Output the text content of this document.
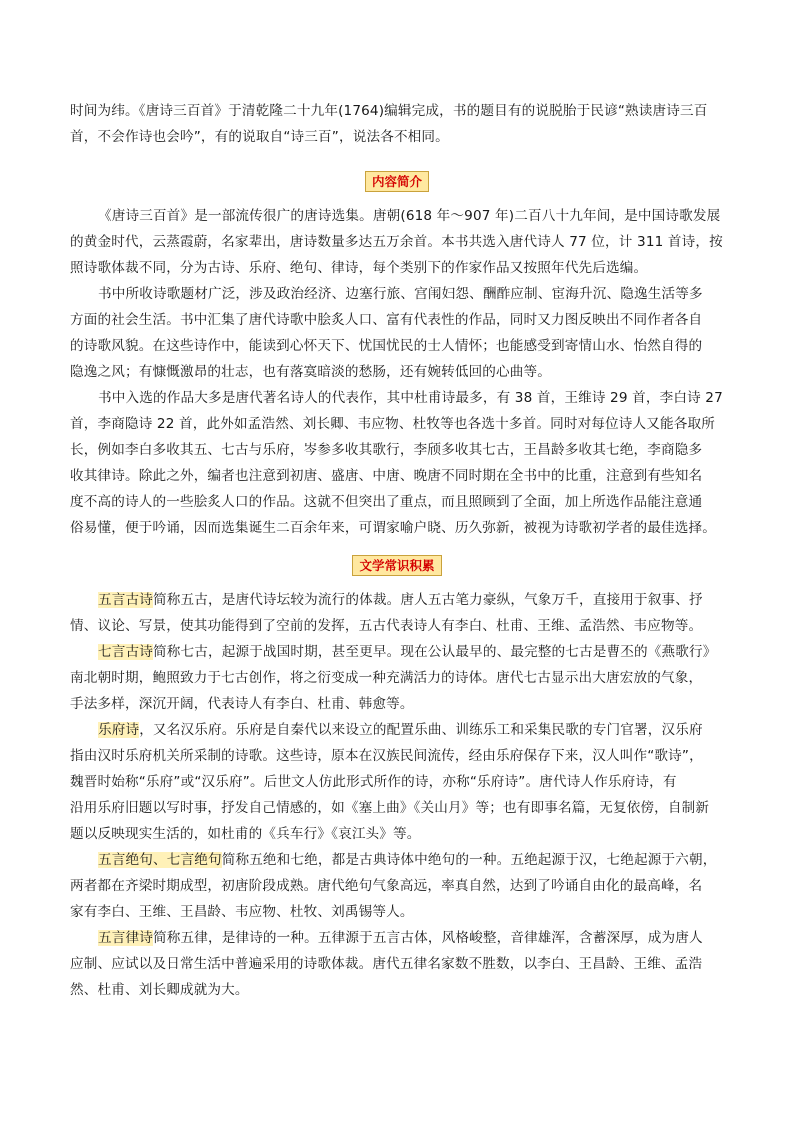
时间为纬。《唐诗三百首》于清乾隆二十九年(1764)编辑完成，书的题目有的说脱胎于民谚“熟读唐诗三百
首，不会作诗也会吟”，有的说取自“诗三百”，说法各不相同。

内容简介

《唐诗三百首》是一部流传很广的唐诗选集。唐朝(618 年～907 年)二百八十九年间，是中国诗歌发展
的黄金时代，云蒸霞蔚，名家辈出，唐诗数量多达五万余首。本书共选入唐代诗人 77 位，计 311 首诗，按
照诗歌体裁不同，分为古诗、乐府、绝句、律诗，每个类别下的作家作品又按照年代先后选编。

书中所收诗歌题材广泛，涉及政治经济、边塞行旅、宫闱妇怨、酬酢应制、宦海升沉、隐逸生活等多
方面的社会生活。书中汇集了唐代诗歌中脍炙人口、富有代表性的作品，同时又力图反映出不同作者各自
的诗歌风貌。在这些诗作中，能读到心怀天下、忧国忧民的士人情怀；也能感受到寄情山水、怡然自得的
隐逸之风；有慷慨激昂的壮志，也有落寞暗淡的愁肠，还有婉转低回的心曲等。

书中入选的作品大多是唐代著名诗人的代表作，其中杜甫诗最多，有 38 首，王维诗 29 首，李白诗 27
首，李商隐诗 22 首，此外如孟浩然、刘长卿、韦应物、杜牧等也各选十多首。同时对每位诗人又能各取所
长，例如李白多收其五、七古与乐府，岑参多收其歌行，李颀多收其七古，王昌龄多收其七绝，李商隐多
收其律诗。除此之外，编者也注意到初唐、盛唐、中唐、晚唐不同时期在全书中的比重，注意到有些知名
度不高的诗人的一些脍炙人口的作品。这就不但突出了重点，而且照顾到了全面，加上所选作品能注意通
俗易懂，便于吟诵，因而选集诞生二百余年来，可谓家喻户晓、历久弥新，被视为诗歌初学者的最佳选择。

文学常识积累

五言古诗简称五古，是唐代诗坛较为流行的体裁。唐人五古笔力豪纵，气象万千，直接用于叙事、抒
情、议论、写景，使其功能得到了空前的发挥，五古代表诗人有李白、杜甫、王维、孟浩然、韦应物等。

七言古诗简称七古，起源于战国时期，甚至更早。现在公认最早的、最完整的七古是曹丕的《燕歌行》
南北朝时期，鲍照致力于七古创作，将之衍变成一种充满活力的诗体。唐代七古显示出大唐宏放的气象，
手法多样，深沉开阔，代表诗人有李白、杜甫、韩愈等。

乐府诗，又名汉乐府。乐府是自秦代以来设立的配置乐曲、训练乐工和采集民歌的专门官署，汉乐府
指由汉时乐府机关所采制的诗歌。这些诗，原本在汉族民间流传，经由乐府保存下来，汉人叫作“歌诗”，
魏晋时始称“乐府”或“汉乐府”。后世文人仿此形式所作的诗，亦称“乐府诗”。唐代诗人作乐府诗，有
沿用乐府旧题以写时事，抒发自己情感的，如《塞上曲》《关山月》等；也有即事名篇，无复依傍，自制新
题以反映现实生活的，如杜甫的《兵车行》《哀江头》等。

五言绝句、七言绝句简称五绝和七绝，都是古典诗体中绝句的一种。五绝起源于汉，七绝起源于六朝，
两者都在齐梁时期成型，初唐阶段成熟。唐代绝句气象高远，率真自然，达到了吟诵自由化的最高峰，名
家有李白、王维、王昌龄、韦应物、杜牧、刘禹锡等人。

五言律诗简称五律，是律诗的一种。五律源于五言古体，风格峻整，音律雄浑，含蓄深厚，成为唐人
应制、应试以及日常生活中普遍采用的诗歌体裁。唐代五律名家数不胜数，以李白、王昌龄、王维、孟浩
然、杜甫、刘长卿成就为大。
